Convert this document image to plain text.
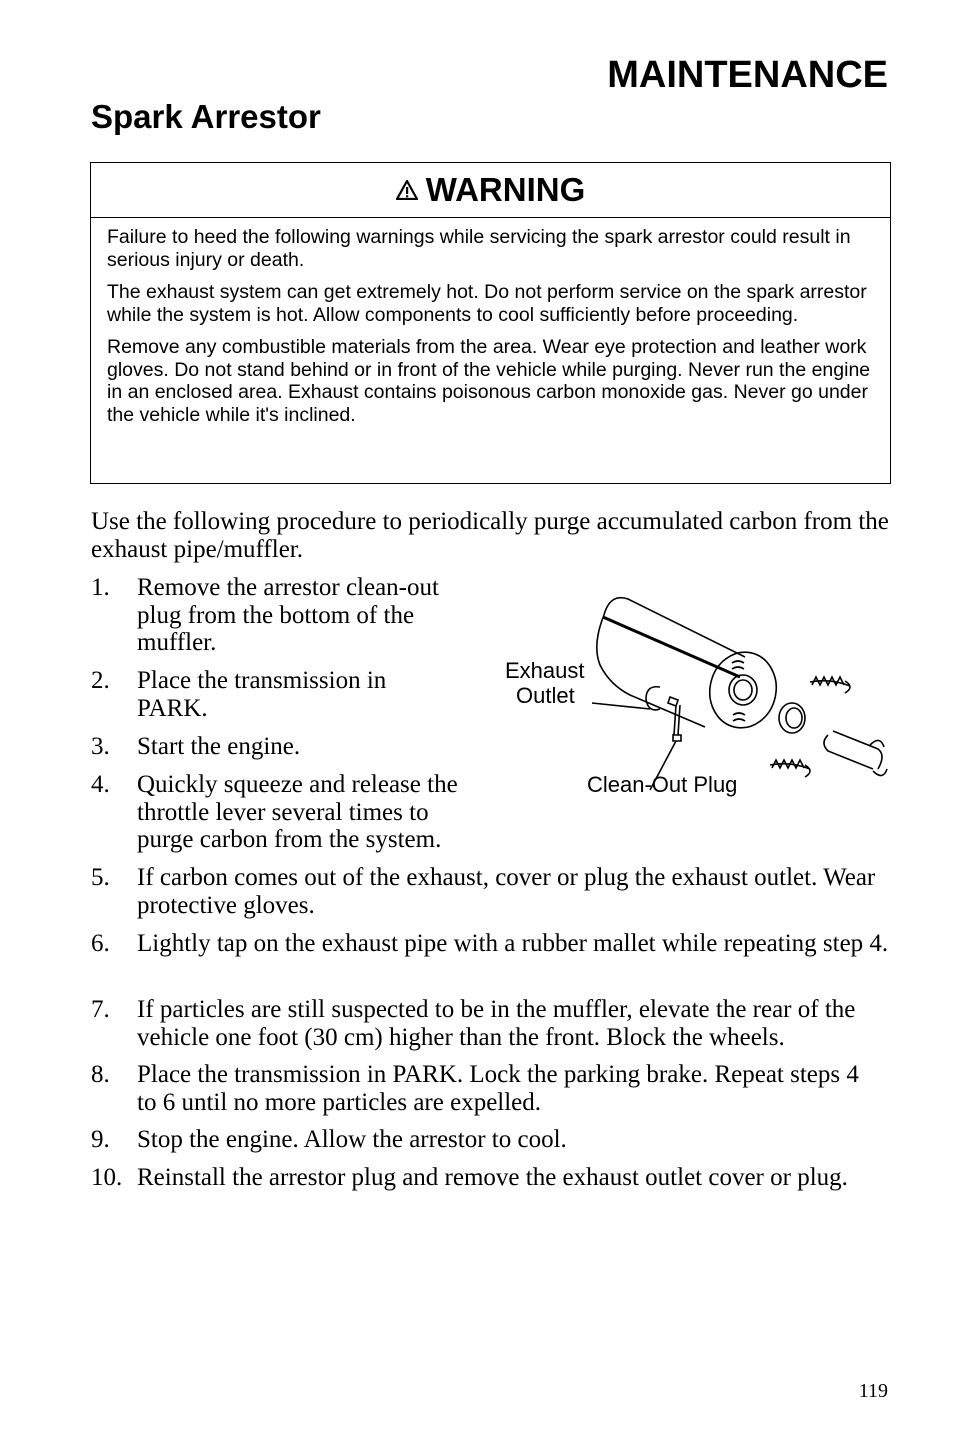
MAINTENANCE
Spark Arrestor
WARNING

Failure to heed the following warnings while servicing the spark arrestor could result in serious injury or death.

The exhaust system can get extremely hot. Do not perform service on the spark arrestor while the system is hot. Allow components to cool sufficiently before proceeding.

Remove any combustible materials from the area. Wear eye protection and leather work gloves. Do not stand behind or in front of the vehicle while purging. Never run the engine in an enclosed area. Exhaust contains poisonous carbon monoxide gas. Never go under the vehicle while it's inclined.

Use the following procedure to periodically purge accumulated carbon from the exhaust pipe/muffler.
1. Remove the arrestor clean-out plug from the bottom of the muffler.
2. Place the transmission in PARK.
3. Start the engine.
4. Quickly squeeze and release the throttle lever several times to purge carbon from the system.
5. If carbon comes out of the exhaust, cover or plug the exhaust outlet. Wear protective gloves.
6. Lightly tap on the exhaust pipe with a rubber mallet while repeating step 4.
7. If particles are still suspected to be in the muffler, elevate the rear of the vehicle one foot (30 cm) higher than the front. Block the wheels.
8. Place the transmission in PARK. Lock the parking brake. Repeat steps 4 to 6 until no more particles are expelled.
9. Stop the engine. Allow the arrestor to cool.
10. Reinstall the arrestor plug and remove the exhaust outlet cover or plug.
Exhaust
Outlet
Clean-Out Plug
119
